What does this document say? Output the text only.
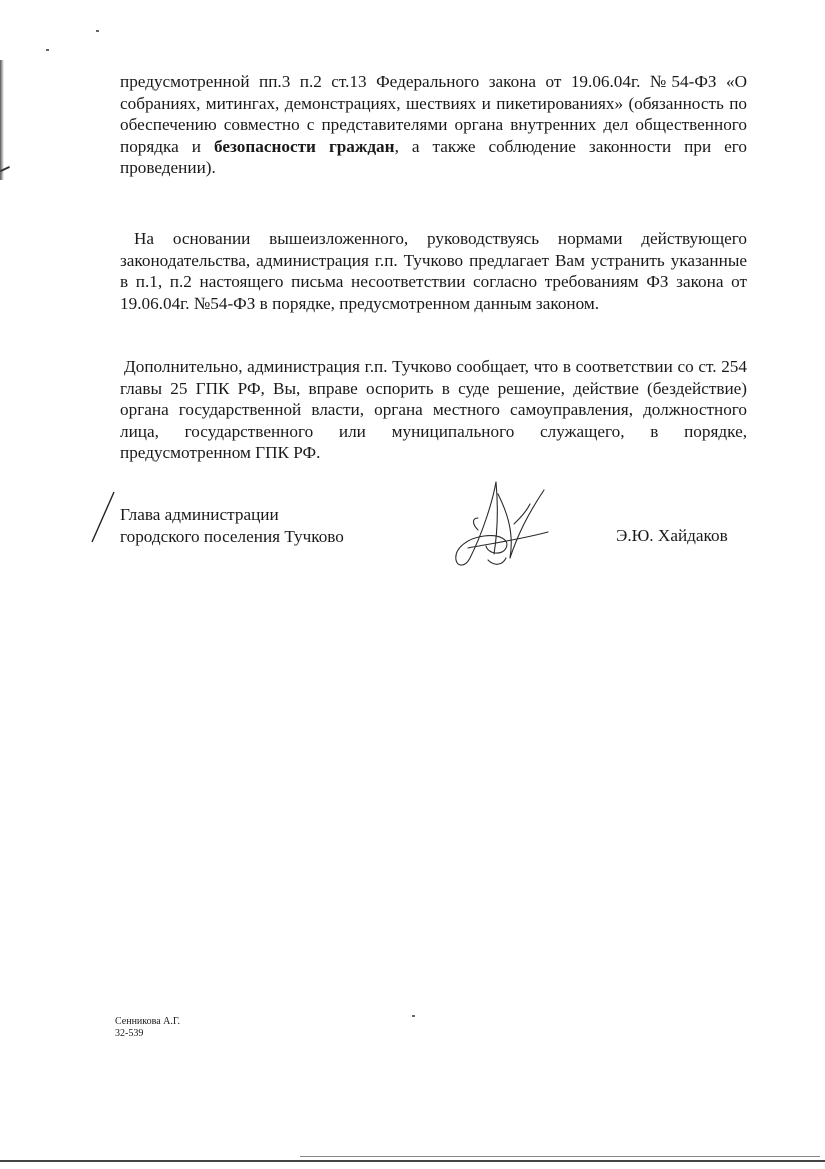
предусмотренной пп.3 п.2 ст.13 Федерального закона от 19.06.04г. №54-ФЗ «О собраниях, митингах, демонстрациях, шествиях и пикетированиях» (обязанность по обеспечению совместно с представителями органа внутренних дел общественного порядка и безопасности граждан, а также соблюдение законности при его проведении).

На основании вышеизложенного, руководствуясь нормами действующего законодательства, администрация г.п. Тучково предлагает Вам устранить указанные в п.1, п.2 настоящего письма несоответствии согласно требованиям ФЗ закона от 19.06.04г. №54-ФЗ в порядке, предусмотренном данным законом.

Дополнительно, администрация г.п. Тучково сообщает, что в соответствии со ст. 254 главы 25 ГПК РФ, Вы, вправе оспорить в суде решение, действие (бездействие) органа государственной власти, органа местного самоуправления, должностного лица, государственного или муниципального служащего, в порядке, предусмотренном ГПК РФ.

Глава администрации
городского поселения Тучково	Э.Ю. Хайдаков
Сенникова А.Г.
32-539
